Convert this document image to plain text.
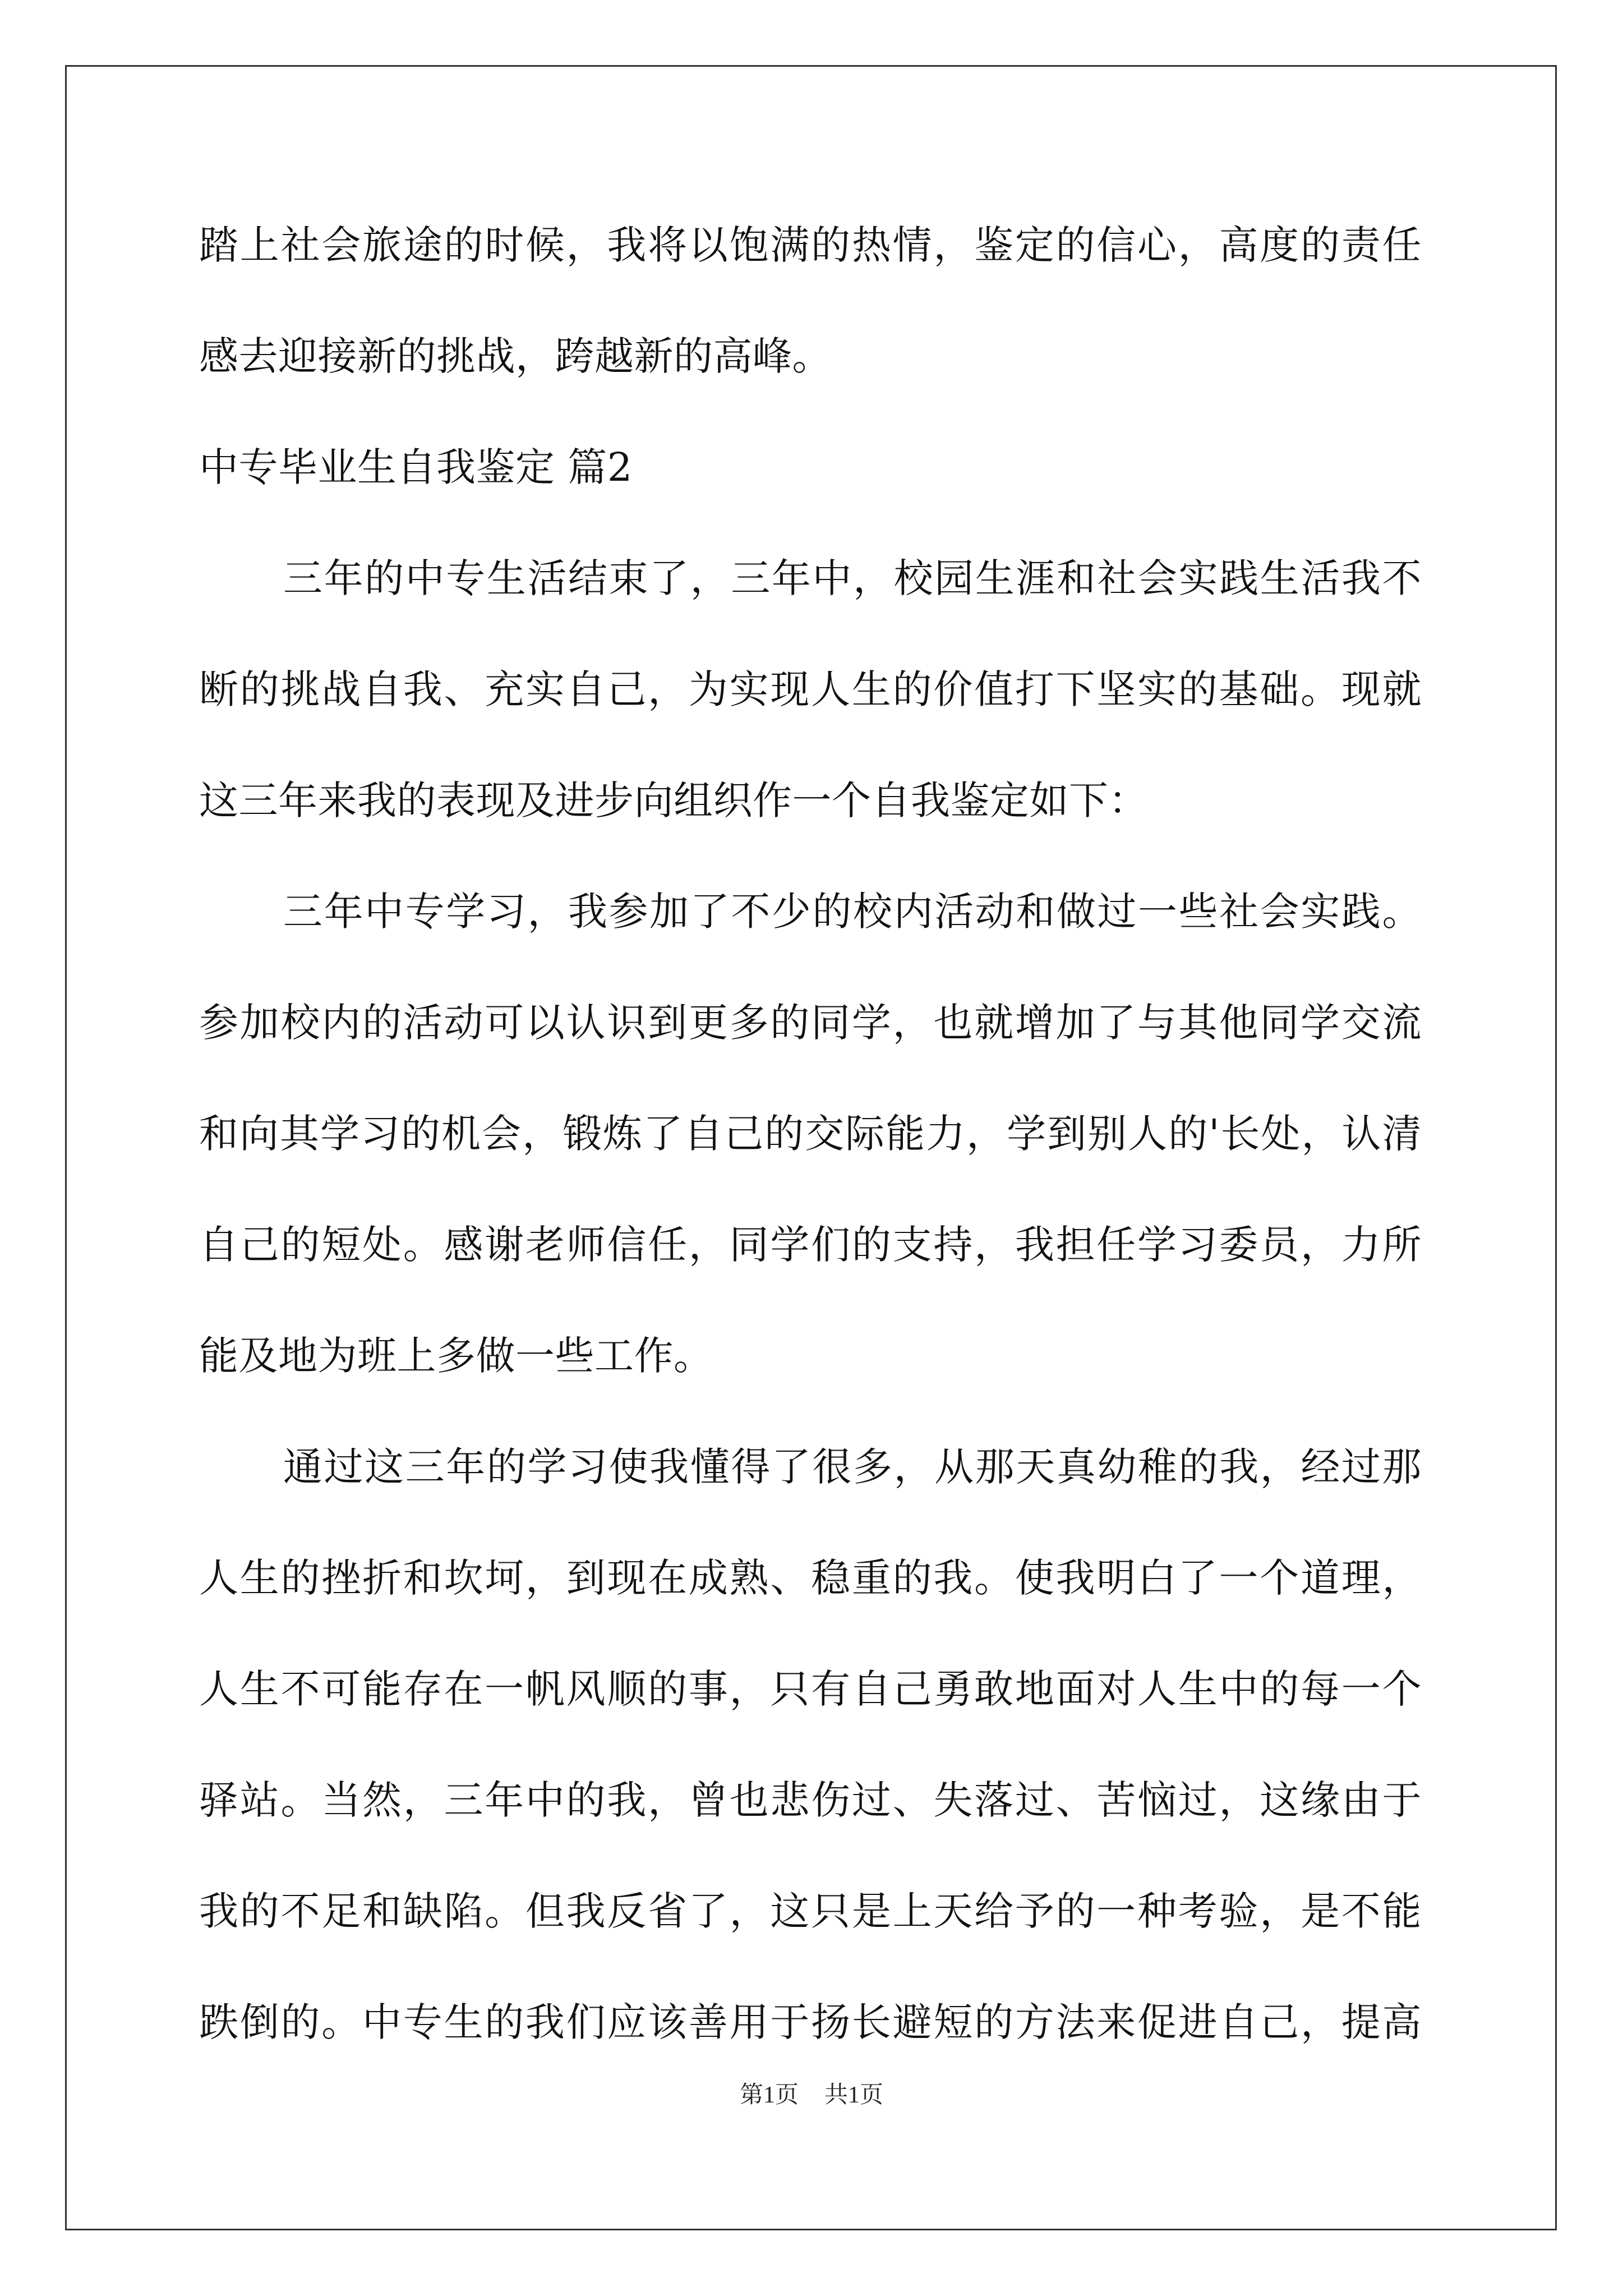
踏上社会旅途的时候，我将以饱满的热情，鉴定的信心，高度的责任
感去迎接新的挑战，跨越新的高峰。
中专毕业生自我鉴定 篇2
三年的中专生活结束了，三年中，校园生涯和社会实践生活我不
断的挑战自我、充实自己，为实现人生的价值打下坚实的基础。现就
这三年来我的表现及进步向组织作一个自我鉴定如下：
三年中专学习，我参加了不少的校内活动和做过一些社会实践。
参加校内的活动可以认识到更多的同学，也就增加了与其他同学交流
和向其学习的机会，锻炼了自己的交际能力，学到别人的'长处，认清
自己的短处。感谢老师信任，同学们的支持，我担任学习委员，力所
能及地为班上多做一些工作。
通过这三年的学习使我懂得了很多，从那天真幼稚的我，经过那
人生的挫折和坎坷，到现在成熟、稳重的我。使我明白了一个道理，
人生不可能存在一帆风顺的事，只有自己勇敢地面对人生中的每一个
驿站。当然，三年中的我，曾也悲伤过、失落过、苦恼过，这缘由于
我的不足和缺陷。但我反省了，这只是上天给予的一种考验，是不能
跌倒的。中专生的我们应该善用于扬长避短的方法来促进自己，提高
第1页 共1页
